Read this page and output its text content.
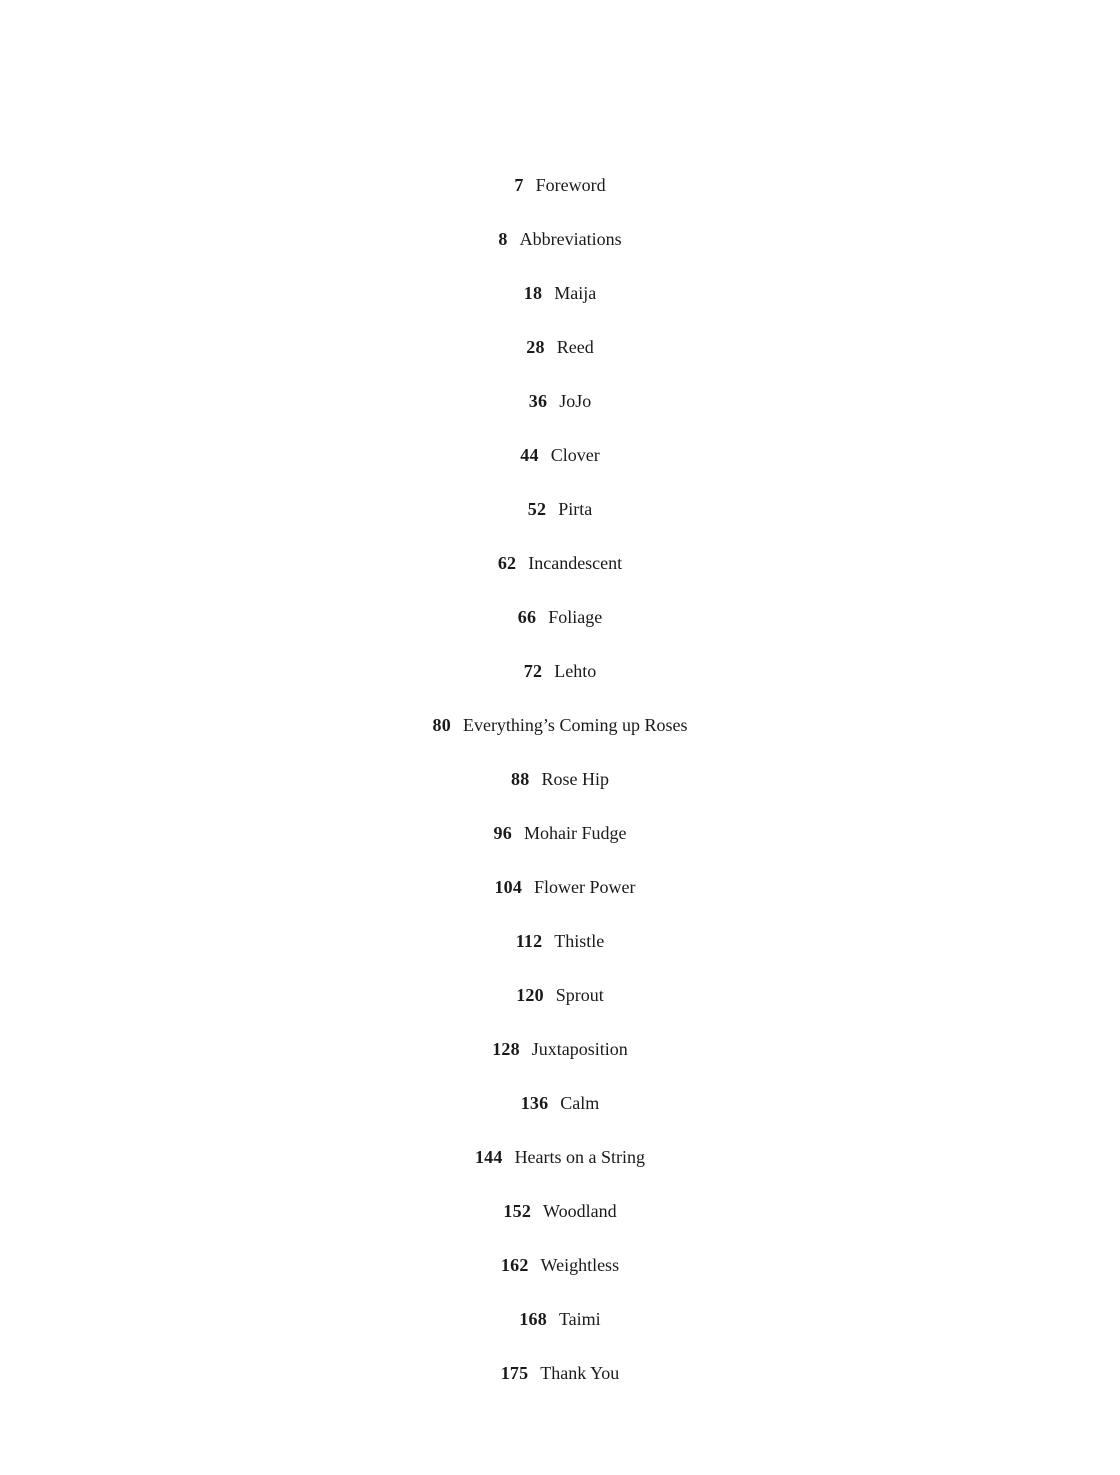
7 Foreword
8 Abbreviations
18 Maija
28 Reed
36 JoJo
44 Clover
52 Pirta
62 Incandescent
66 Foliage
72 Lehto
80 Everything’s Coming up Roses
88 Rose Hip
96 Mohair Fudge
104 Flower Power
112 Thistle
120 Sprout
128 Juxtaposition
136 Calm
144 Hearts on a String
152 Woodland
162 Weightless
168 Taimi
175 Thank You
